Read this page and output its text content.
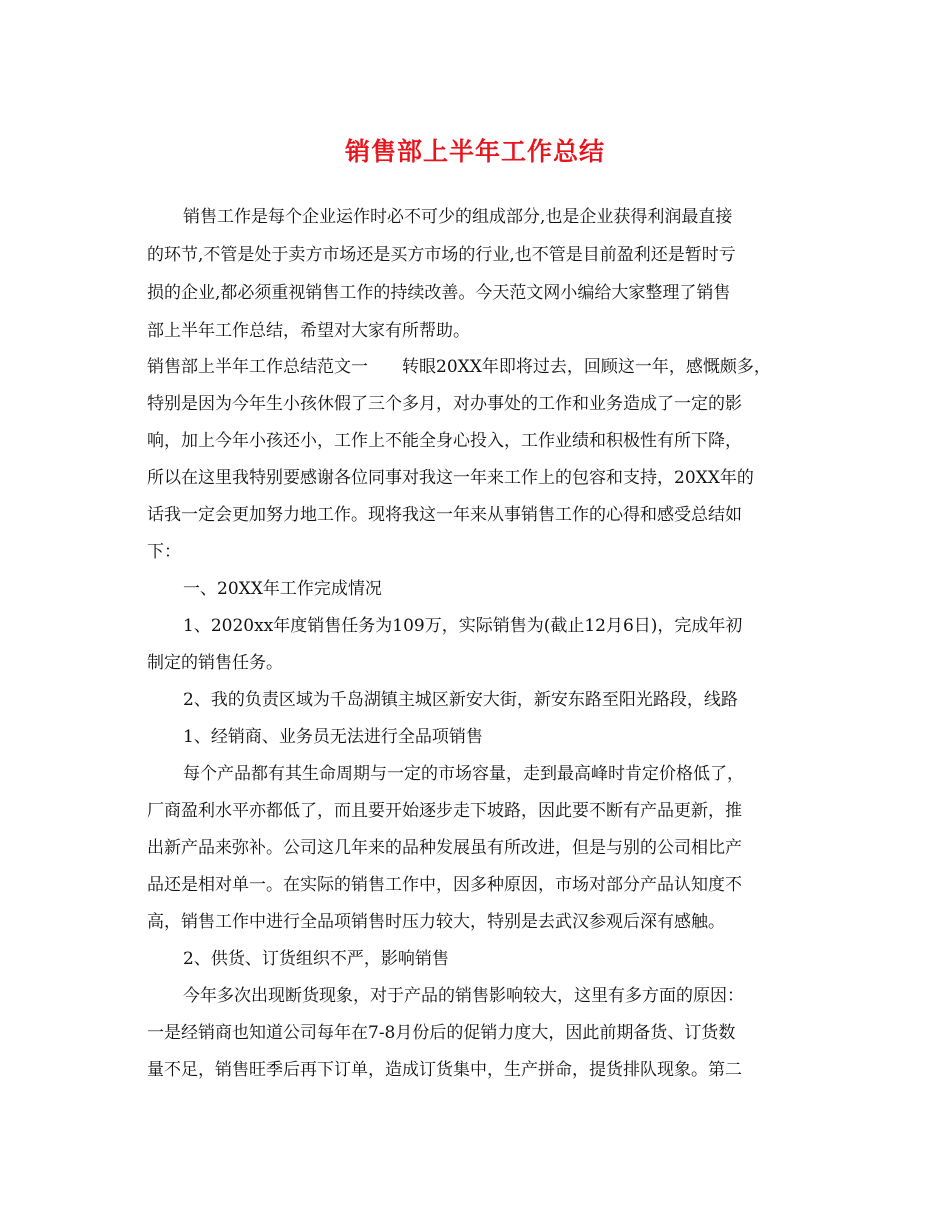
销售部上半年工作总结

销售工作是每个企业运作时必不可少的组成部分,也是企业获得利润最直接

的环节,不管是处于卖方市场还是买方市场的行业,也不管是目前盈利还是暂时亏

损的企业,都必须重视销售工作的持续改善。今天范文网小编给大家整理了销售

部上半年工作总结，希望对大家有所帮助。

销售部上半年工作总结范文一　　转眼20XX年即将过去，回顾这一年，感慨颇多，

特别是因为今年生小孩休假了三个多月，对办事处的工作和业务造成了一定的影

响，加上今年小孩还小，工作上不能全身心投入，工作业绩和积极性有所下降，

所以在这里我特别要感谢各位同事对我这一年来工作上的包容和支持，20XX年的

话我一定会更加努力地工作。现将我这一年来从事销售工作的心得和感受总结如

下：

一、20XX年工作完成情况

1、2020xx年度销售任务为109万，实际销售为(截止12月6日)，完成年初

制定的销售任务。

2、我的负责区域为千岛湖镇主城区新安大街，新安东路至阳光路段，线路

1、经销商、业务员无法进行全品项销售

每个产品都有其生命周期与一定的市场容量，走到最高峰时肯定价格低了，

厂商盈利水平亦都低了，而且要开始逐步走下坡路，因此要不断有产品更新，推

出新产品来弥补。公司这几年来的品种发展虽有所改进，但是与别的公司相比产

品还是相对单一。在实际的销售工作中，因多种原因，市场对部分产品认知度不

高，销售工作中进行全品项销售时压力较大，特别是去武汉参观后深有感触。

2、供货、订货组织不严，影响销售

今年多次出现断货现象，对于产品的销售影响较大，这里有多方面的原因：

一是经销商也知道公司每年在7-8月份后的促销力度大，因此前期备货、订货数

量不足，销售旺季后再下订单，造成订货集中，生产拼命，提货排队现象。第二
